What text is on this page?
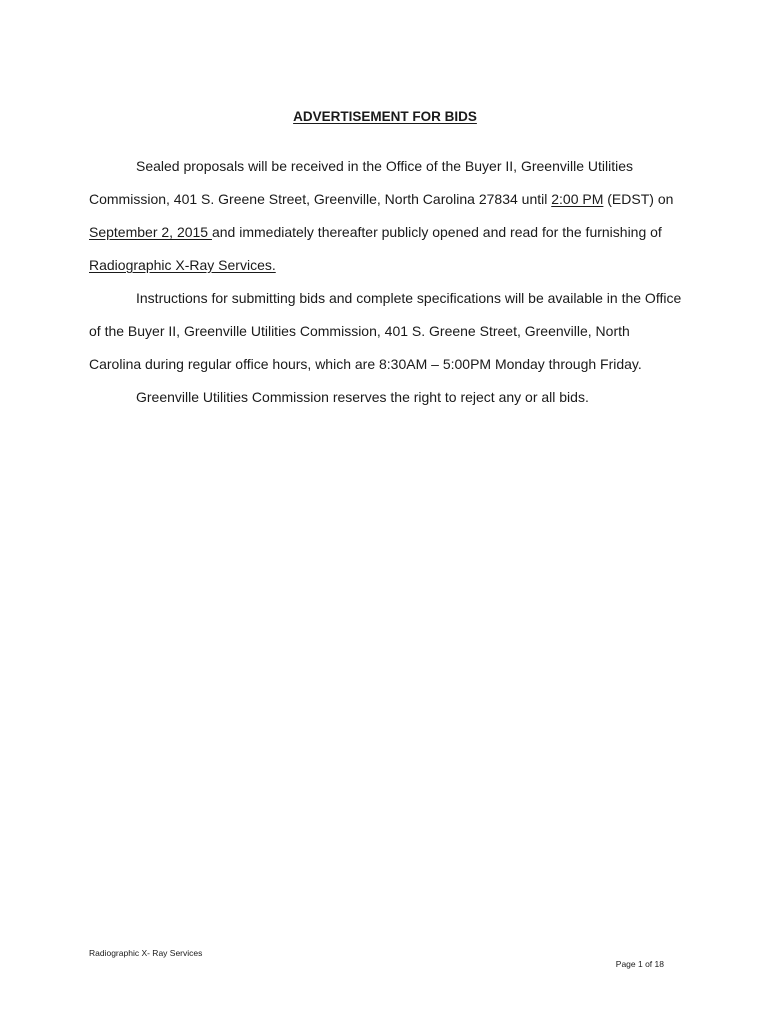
ADVERTISEMENT FOR BIDS

Sealed proposals will be received in the Office of the Buyer II, Greenville Utilities

Commission, 401 S. Greene Street, Greenville, North Carolina 27834 until 2:00 PM (EDST) on

September 2, 2015 and immediately thereafter publicly opened and read for the furnishing of

Radiographic X-Ray Services.

Instructions for submitting bids and complete specifications will be available in the Office

of the Buyer II, Greenville Utilities Commission, 401 S. Greene Street, Greenville, North

Carolina during regular office hours, which are 8:30AM – 5:00PM Monday through Friday.

Greenville Utilities Commission reserves the right to reject any or all bids.

Radiographic X- Ray Services
Page 1 of 18
